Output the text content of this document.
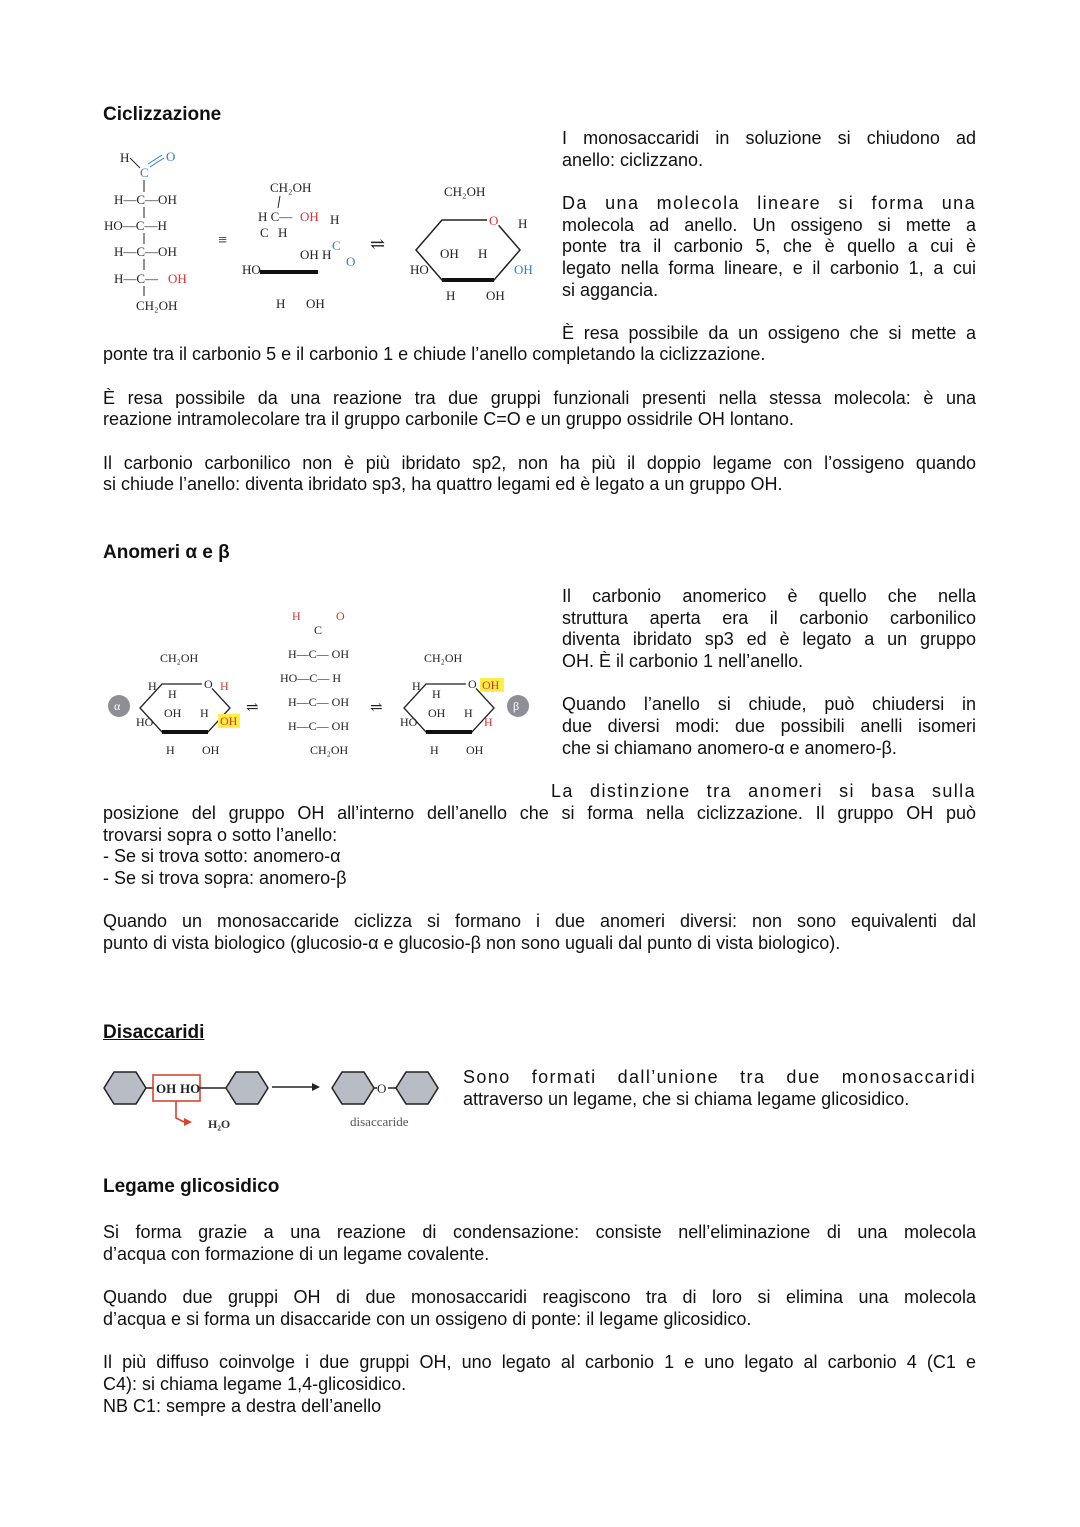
Ciclizzazione
H
C
O
H—C—OH
HO—C—H
H—C—OH
H—C— OH
CH₂OH
≡
CH₂OH
H C— OH H
C H
HO
OH H
C
O
H OH
⇌
CH₂OH
O H
HO
OH H
OH
H OH
I monosaccaridi in soluzione si chiudono ad
anello: ciclizzano.
Da una molecola lineare si forma una
molecola ad anello. Un ossigeno si mette a
ponte tra il carbonio 5, che è quello a cui è
legato nella forma lineare, e il carbonio 1, a cui
si aggancia.
È resa possibile da un ossigeno che si mette a
ponte tra il carbonio 5 e il carbonio 1 e chiude l’anello completando la ciclizzazione.
È resa possibile da una reazione tra due gruppi funzionali presenti nella stessa molecola: è una
reazione intramolecolare tra il gruppo carbonile C=O e un gruppo ossidrile OH lontano.
Il carbonio carbonilico non è più ibridato sp2, non ha più il doppio legame con l’ossigeno quando
si chiude l’anello: diventa ibridato sp3, ha quattro legami ed è legato a un gruppo OH.
Anomeri α e β
α
CH₂OH
O H
H
H
OH H
HO	OH
H OH
⇌
H
C
O
H—C— OH
HO—C— H
H—C— OH
H—C— OH
CH₂OH
⇌
CH₂OH
O OH
H
H
OH H
HO	H
H OH
β
Il carbonio anomerico è quello che nella
struttura aperta era il carbonio carbonilico
diventa ibridato sp3 ed è legato a un gruppo
OH. È il carbonio 1 nell’anello.
Quando l’anello si chiude, può chiudersi in
due diversi modi: due possibili anelli isomeri
che si chiamano anomero-α e anomero-β.
La distinzione tra anomeri si basa sulla
posizione del gruppo OH all’interno dell’anello che si forma nella ciclizzazione. Il gruppo OH può
trovarsi sopra o sotto l’anello:
- Se si trova sotto: anomero-α
- Se si trova sopra: anomero-β
Quando un monosaccaride ciclizza si formano i due anomeri diversi: non sono equivalenti dal
punto di vista biologico (glucosio-α e glucosio-β non sono uguali dal punto di vista biologico).
Disaccaridi
OH HO
H₂O
O
disaccaride
Sono formati dall’unione tra due monosaccaridi
attraverso un legame, che si chiama legame glicosidico.
Legame glicosidico
Si forma grazie a una reazione di condensazione: consiste nell’eliminazione di una molecola
d’acqua con formazione di un legame covalente.
Quando due gruppi OH di due monosaccaridi reagiscono tra di loro si elimina una molecola
d’acqua e si forma un disaccaride con un ossigeno di ponte: il legame glicosidico.
Il più diffuso coinvolge i due gruppi OH, uno legato al carbonio 1 e uno legato al carbonio 4 (C1 e
C4): si chiama legame 1,4-glicosidico.
NB C1: sempre a destra dell’anello
